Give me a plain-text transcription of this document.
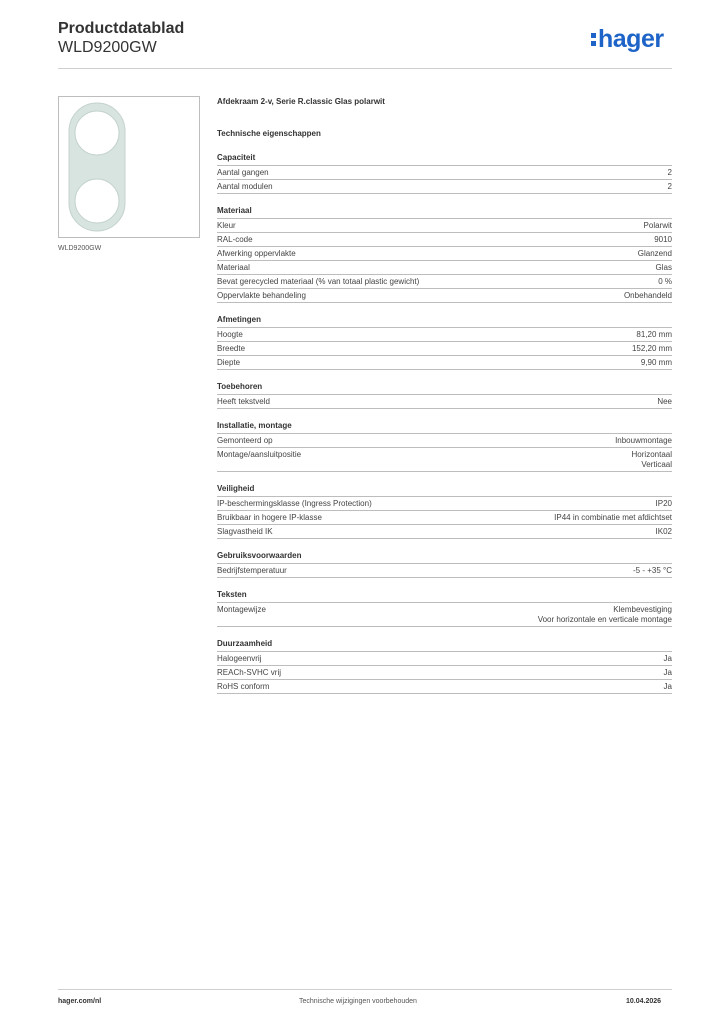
Productdatablad
WLD9200GW	hager
WLD9200GW
Afdekraam 2-v, Serie R.classic Glas polarwit
Technische eigenschappen
Capaciteit
Aantal gangen	2
Aantal modulen	2
Materiaal
Kleur	Polarwit
RAL-code	9010
Afwerking oppervlakte	Glanzend
Materiaal	Glas
Bevat gerecycled materiaal (% van totaal plastic gewicht)	0 %
Oppervlakte behandeling	Onbehandeld
Afmetingen
Hoogte	81,20 mm
Breedte	152,20 mm
Diepte	9,90 mm
Toebehoren
Heeft tekstveld	Nee
Installatie, montage
Gemonteerd op	Inbouwmontage
Montage/aansluitpositie	Horizontaal
Verticaal
Veiligheid
IP-beschermingsklasse (Ingress Protection)	IP20
Bruikbaar in hogere IP-klasse	IP44 in combinatie met afdichtset
Slagvastheid IK	IK02
Gebruiksvoorwaarden
Bedrijfstemperatuur	-5 - +35 °C
Teksten
Montagewijze	Klembevestiging
Voor horizontale en verticale montage
Duurzaamheid
Halogeenvrij	Ja
REACh-SVHC vrij	Ja
RoHS conform	Ja
hager.com/nl	Technische wijzigingen voorbehouden	10.04.2026
